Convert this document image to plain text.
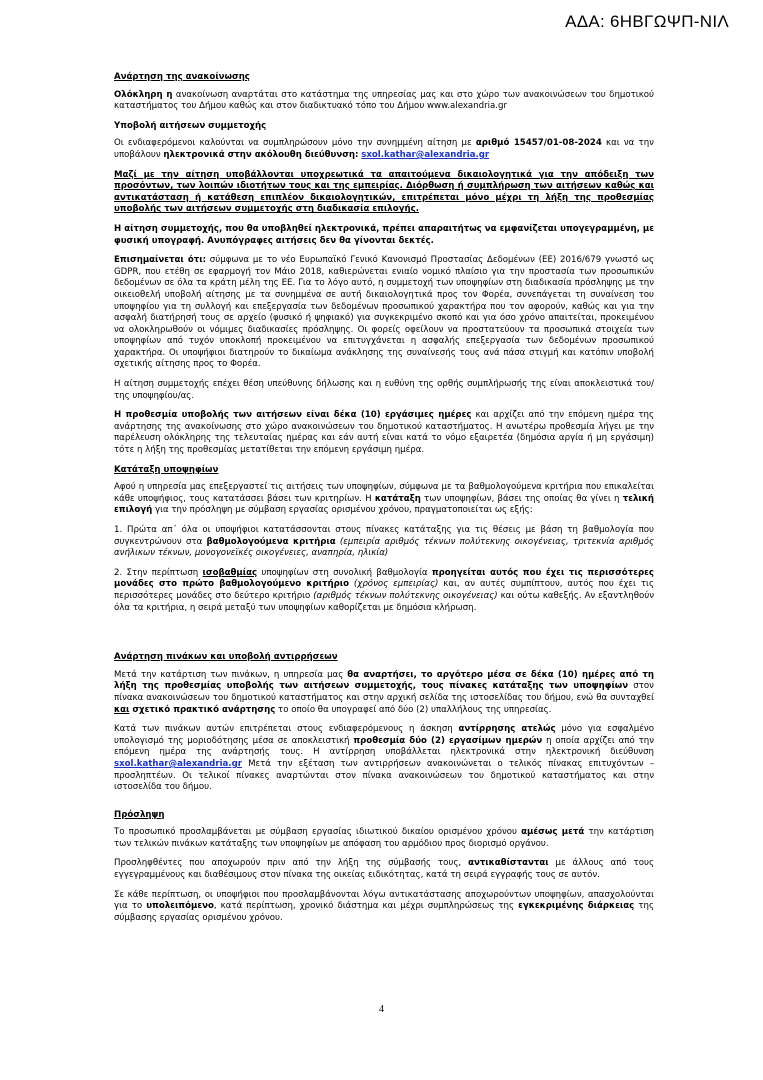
ΑΔΑ: 6ΗΒΓΩΨΠ-ΝΙΛ
Ανάρτηση της ανακοίνωσης

Ολόκληρη η ανακοίνωση αναρτάται στο κατάστημα της υπηρεσίας μας και στο χώρο των ανακοινώσεων του δημοτικού καταστήματος του Δήμου καθώς και στον διαδικτυακό τόπο του Δήμου www.alexandria.gr

Υποβολή αιτήσεων συμμετοχής

Οι ενδιαφερόμενοι καλούνται να συμπληρώσουν μόνο την συνημμένη αίτηση με αριθμό 15457/01-08-2024 και να την υποβάλουν ηλεκτρονικά στην ακόλουθη διεύθυνση: sxol.kathar@alexandria.gr

Μαζί με την αίτηση υποβάλλονται υποχρεωτικά τα απαιτούμενα δικαιολογητικά για την απόδειξη των προσόντων, των λοιπών ιδιοτήτων τους και της εμπειρίας. Διόρθωση ή συμπλήρωση των αιτήσεων καθώς και αντικατάσταση ή κατάθεση επιπλέον δικαιολογητικών, επιτρέπεται μόνο μέχρι τη λήξη της προθεσμίας υποβολής των αιτήσεων συμμετοχής στη διαδικασία επιλογής.

Η αίτηση συμμετοχής, που θα υποβληθεί ηλεκτρονικά, πρέπει απαραιτήτως να εμφανίζεται υπογεγραμμένη, με φυσική υπογραφή. Ανυπόγραφες αιτήσεις δεν θα γίνονται δεκτές.

Επισημαίνεται ότι: σύμφωνα με το νέο Ευρωπαϊκό Γενικό Κανονισμό Προστασίας Δεδομένων (ΕΕ) 2016/679 γνωστό ως GDPR, που ετέθη σε εφαρμογή τον Μάιο 2018, καθιερώνεται ενιαίο νομικό πλαίσιο για την προστασία των προσωπικών δεδομένων σε όλα τα κράτη μέλη της ΕΕ. Για το λόγο αυτό, η συμμετοχή των υποψηφίων στη διαδικασία πρόσληψης με την οικειοθελή υποβολή αίτησης με τα συνημμένα σε αυτή δικαιολογητικά προς τον Φορέα, συνεπάγεται τη συναίνεση του υποψηφίου για τη συλλογή και επεξεργασία των δεδομένων προσωπικού χαρακτήρα που τον αφορούν, καθώς και για την ασφαλή διατήρησή τους σε αρχείο (φυσικό ή ψηφιακό) για συγκεκριμένο σκοπό και για όσο χρόνο απαιτείται, προκειμένου να ολοκληρωθούν οι νόμιμες διαδικασίες πρόσληψης. Οι φορείς οφείλουν να προστατεύουν τα προσωπικά στοιχεία των υποψηφίων από τυχόν υποκλοπή προκειμένου να επιτυγχάνεται η ασφαλής επεξεργασία των δεδομένων προσωπικού χαρακτήρα. Οι υποψήφιοι διατηρούν το δικαίωμα ανάκλησης της συναίνεσής τους ανά πάσα στιγμή και κατόπιν υποβολή σχετικής αίτησης προς το Φορέα.

Η αίτηση συμμετοχής επέχει θέση υπεύθυνης δήλωσης και η ευθύνη της ορθής συμπλήρωσής της είναι αποκλειστικά του/της υποψηφίου/ας.

Η προθεσμία υποβολής των αιτήσεων είναι δέκα (10) εργάσιμες ημέρες και αρχίζει από την επόμενη ημέρα της ανάρτησης της ανακοίνωσης στο χώρο ανακοινώσεων του δημοτικού καταστήματος. Η ανωτέρω προθεσμία λήγει με την παρέλευση ολόκληρης της τελευταίας ημέρας και εάν αυτή είναι κατά το νόμο εξαιρετέα (δημόσια αργία ή μη εργάσιμη) τότε η λήξη της προθεσμίας μετατίθεται την επόμενη εργάσιμη ημέρα.

Κατάταξη υποψηφίων

Αφού η υπηρεσία μας επεξεργαστεί τις αιτήσεις των υποψηφίων, σύμφωνα με τα βαθμολογούμενα κριτήρια που επικαλείται κάθε υποψήφιος, τους κατατάσσει βάσει των κριτηρίων. Η κατάταξη των υποψηφίων, βάσει της οποίας θα γίνει η τελική επιλογή για την πρόσληψη με σύμβαση εργασίας ορισμένου χρόνου, πραγματοποιείται ως εξής:

1. Πρώτα απ΄ όλα οι υποψήφιοι κατατάσσονται στους πίνακες κατάταξης για τις θέσεις με βάση τη βαθμολογία που συγκεντρώνουν στα βαθμολογούμενα κριτήρια (εμπειρία αριθμός τέκνων πολύτεκνης οικογένειας, τριτεκνία αριθμός ανήλικων τέκνων, μονογονεϊκές οικογένειες, αναπηρία, ηλικία)

2. Στην περίπτωση ισοβαθμίας υποψηφίων στη συνολική βαθμολογία προηγείται αυτός που έχει τις περισσότερες μονάδες στο πρώτο βαθμολογούμενο κριτήριο (χρόνος εμπειρίας) και, αν αυτές συμπίπτουν, αυτός που έχει τις περισσότερες μονάδες στο δεύτερο κριτήριο (αριθμός τέκνων πολύτεκνης οικογένειας) και ούτω καθεξής. Αν εξαντληθούν όλα τα κριτήρια, η σειρά μεταξύ των υποψηφίων καθορίζεται με δημόσια κλήρωση.

Ανάρτηση πινάκων και υποβολή αντιρρήσεων

Μετά την κατάρτιση των πινάκων, η υπηρεσία μας θα αναρτήσει, το αργότερο μέσα σε δέκα (10) ημέρες από τη λήξη της προθεσμίας υποβολής των αιτήσεων συμμετοχής, τους πίνακες κατάταξης των υποψηφίων στον πίνακα ανακοινώσεων του δημοτικού καταστήματος και στην αρχική σελίδα της ιστοσελίδας του δήμου, ενώ θα συνταχθεί και σχετικό πρακτικό ανάρτησης το οποίο θα υπογραφεί από δύο (2) υπαλλήλους της υπηρεσίας.

Κατά των πινάκων αυτών επιτρέπεται στους ενδιαφερόμενους η άσκηση αντίρρησης ατελώς μόνο για εσφαλμένο υπολογισμό της μοριοδότησης μέσα σε αποκλειστική προθεσμία δύο (2) εργασίμων ημερών η οποία αρχίζει από την επόμενη ημέρα της ανάρτησής τους. Η αντίρρηση υποβάλλεται ηλεκτρονικά στην ηλεκτρονική διεύθυνση sxol.kathar@alexandria.gr Μετά την εξέταση των αντιρρήσεων ανακοινώνεται ο τελικός πίνακας επιτυχόντων – προσληπτέων. Οι τελικοί πίνακες αναρτώνται στον πίνακα ανακοινώσεων του δημοτικού καταστήματος και στην ιστοσελίδα του δήμου.

Πρόσληψη

Το προσωπικό προσλαμβάνεται με σύμβαση εργασίας ιδιωτικού δικαίου ορισμένου χρόνου αμέσως μετά την κατάρτιση των τελικών πινάκων κατάταξης των υποψηφίων με απόφαση του αρμόδιου προς διορισμό οργάνου.

Προσληφθέντες που αποχωρούν πριν από την λήξη της σύμβασής τους, αντικαθίστανται με άλλους από τους εγγεγραμμένους και διαθέσιμους στον πίνακα της οικείας ειδικότητας, κατά τη σειρά εγγραφής τους σε αυτόν.

Σε κάθε περίπτωση, οι υποψήφιοι που προσλαμβάνονται λόγω αντικατάστασης αποχωρούντων υποψηφίων, απασχολούνται για το υπολειπόμενο, κατά περίπτωση, χρονικό διάστημα και μέχρι συμπληρώσεως της εγκεκριμένης διάρκειας της σύμβασης εργασίας ορισμένου χρόνου.

4
